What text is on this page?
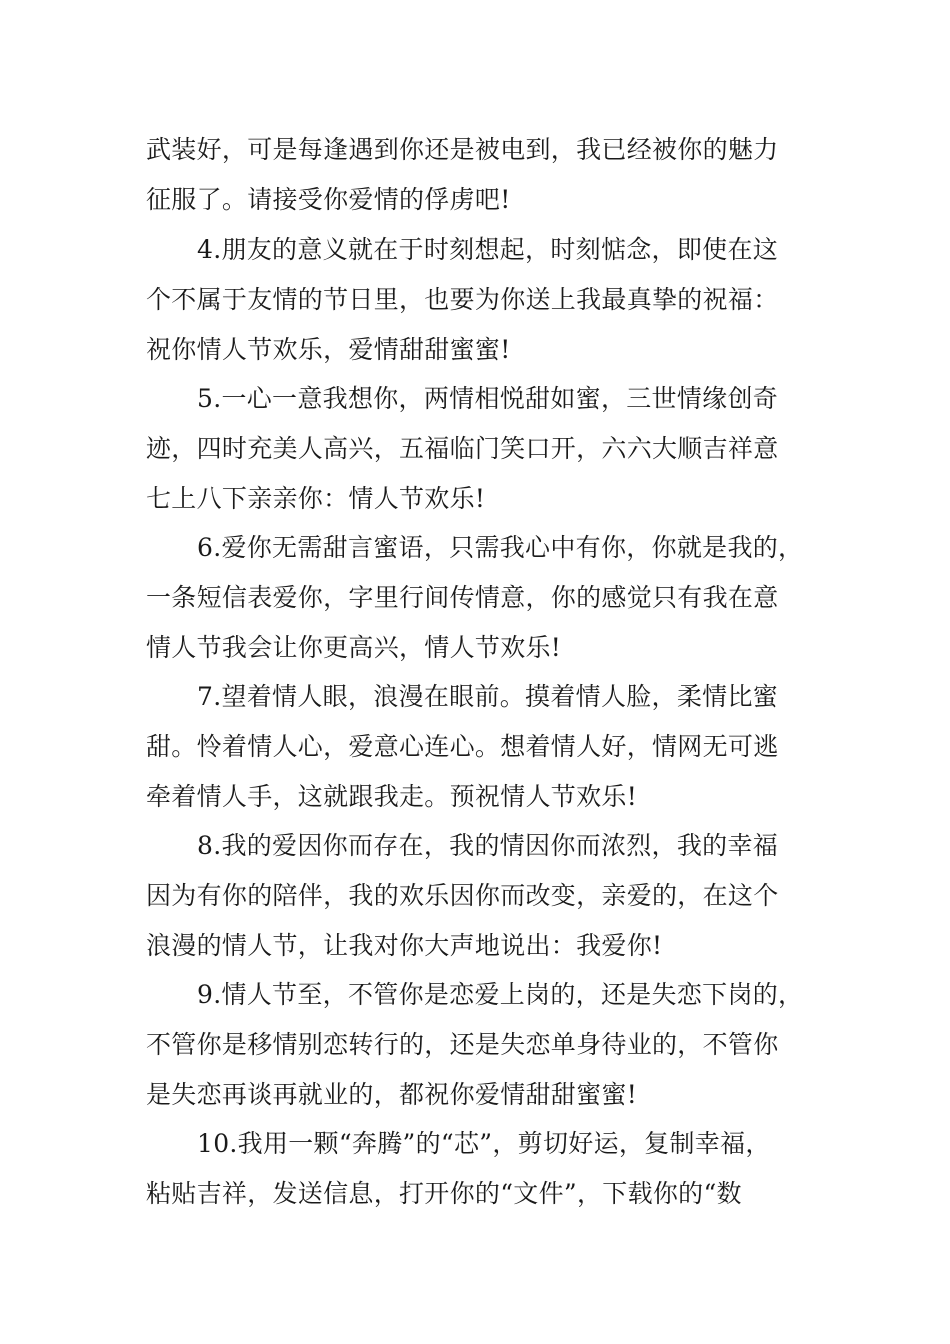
武装好，可是每逢遇到你还是被电到，我已经被你的魅力
征服了。请接受你爱情的俘虏吧!
4.朋友的意义就在于时刻想起，时刻惦念，即使在这
个不属于友情的节日里，也要为你送上我最真挚的祝福：
祝你情人节欢乐，爱情甜甜蜜蜜!
5.一心一意我想你，两情相悦甜如蜜，三世情缘创奇
迹，四时充美人高兴，五福临门笑口开，六六大顺吉祥意
七上八下亲亲你：情人节欢乐!
6.爱你无需甜言蜜语，只需我心中有你，你就是我的，
一条短信表爱你，字里行间传情意，你的感觉只有我在意
情人节我会让你更高兴，情人节欢乐!
7.望着情人眼，浪漫在眼前。摸着情人脸，柔情比蜜
甜。怜着情人心，爱意心连心。想着情人好，情网无可逃
牵着情人手，这就跟我走。预祝情人节欢乐!
8.我的爱因你而存在，我的情因你而浓烈，我的幸福
因为有你的陪伴，我的欢乐因你而改变，亲爱的，在这个
浪漫的情人节，让我对你大声地说出：我爱你!
9.情人节至，不管你是恋爱上岗的，还是失恋下岗的，
不管你是移情别恋转行的，还是失恋单身待业的，不管你
是失恋再谈再就业的，都祝你爱情甜甜蜜蜜!
10.我用一颗“奔腾”的“芯”，剪切好运，复制幸福，
粘贴吉祥，发送信息，打开你的“文件”，下载你的“数
